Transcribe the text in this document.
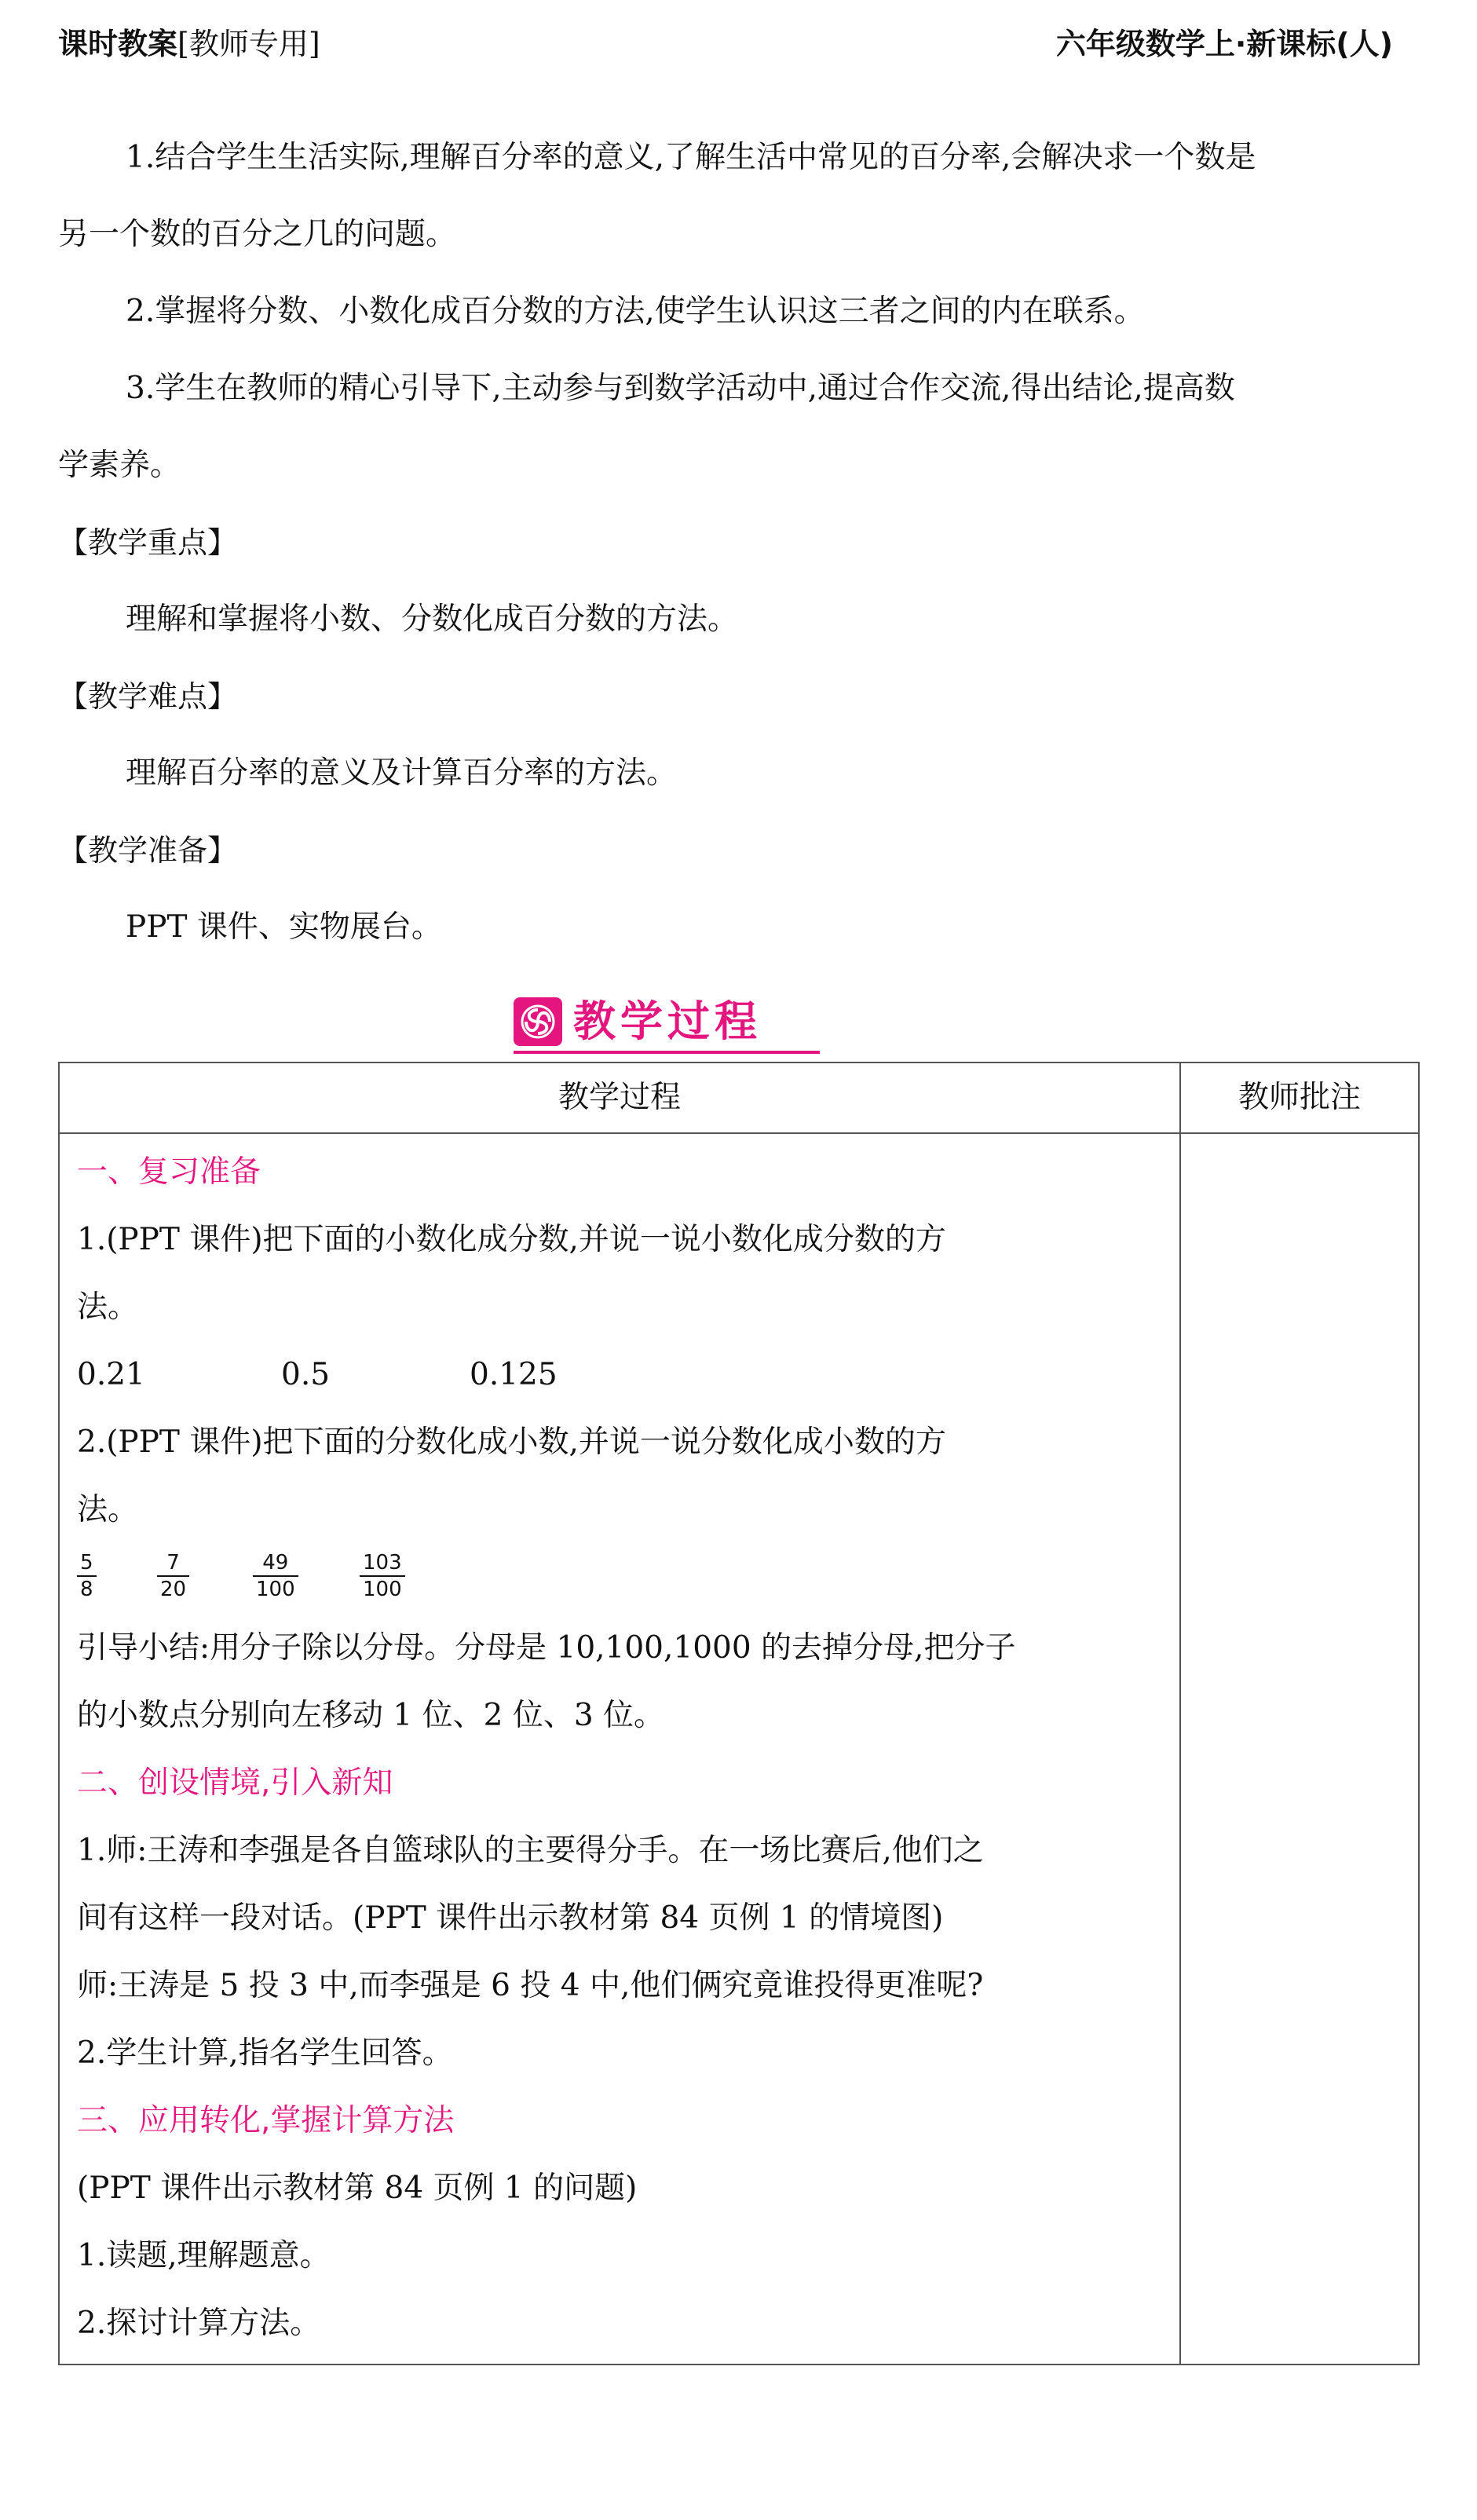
课时教案[教师专用]	六年级数学上·新课标(人)

1.结合学生生活实际,理解百分率的意义,了解生活中常见的百分率,会解决求一个数是

另一个数的百分之几的问题。

2.掌握将分数、小数化成百分数的方法,使学生认识这三者之间的内在联系。

3.学生在教师的精心引导下,主动参与到数学活动中,通过合作交流,得出结论,提高数

学素养。

【教学重点】

理解和掌握将小数、分数化成百分数的方法。

【教学难点】

理解百分率的意义及计算百分率的方法。

【教学准备】

PPT 课件、实物展台。

教学过程
教学过程	教师批注

一、复习准备

1.(PPT 课件)把下面的小数化成分数,并说一说小数化成分数的方

法。

0.21	0.5	0.125

2.(PPT 课件)把下面的分数化成小数,并说一说分数化成小数的方

法。

5
8
7
20
49
100
103
100

引导小结:用分子除以分母。分母是 10,100,1000 的去掉分母,把分子

的小数点分别向左移动 1 位、2 位、3 位。

二、创设情境,引入新知

1.师:王涛和李强是各自篮球队的主要得分手。在一场比赛后,他们之

间有这样一段对话。(PPT 课件出示教材第 84 页例 1 的情境图)

师:王涛是 5 投 3 中,而李强是 6 投 4 中,他们俩究竟谁投得更准呢?

2.学生计算,指名学生回答。

三、应用转化,掌握计算方法

(PPT 课件出示教材第 84 页例 1 的问题)

1.读题,理解题意。

2.探讨计算方法。
